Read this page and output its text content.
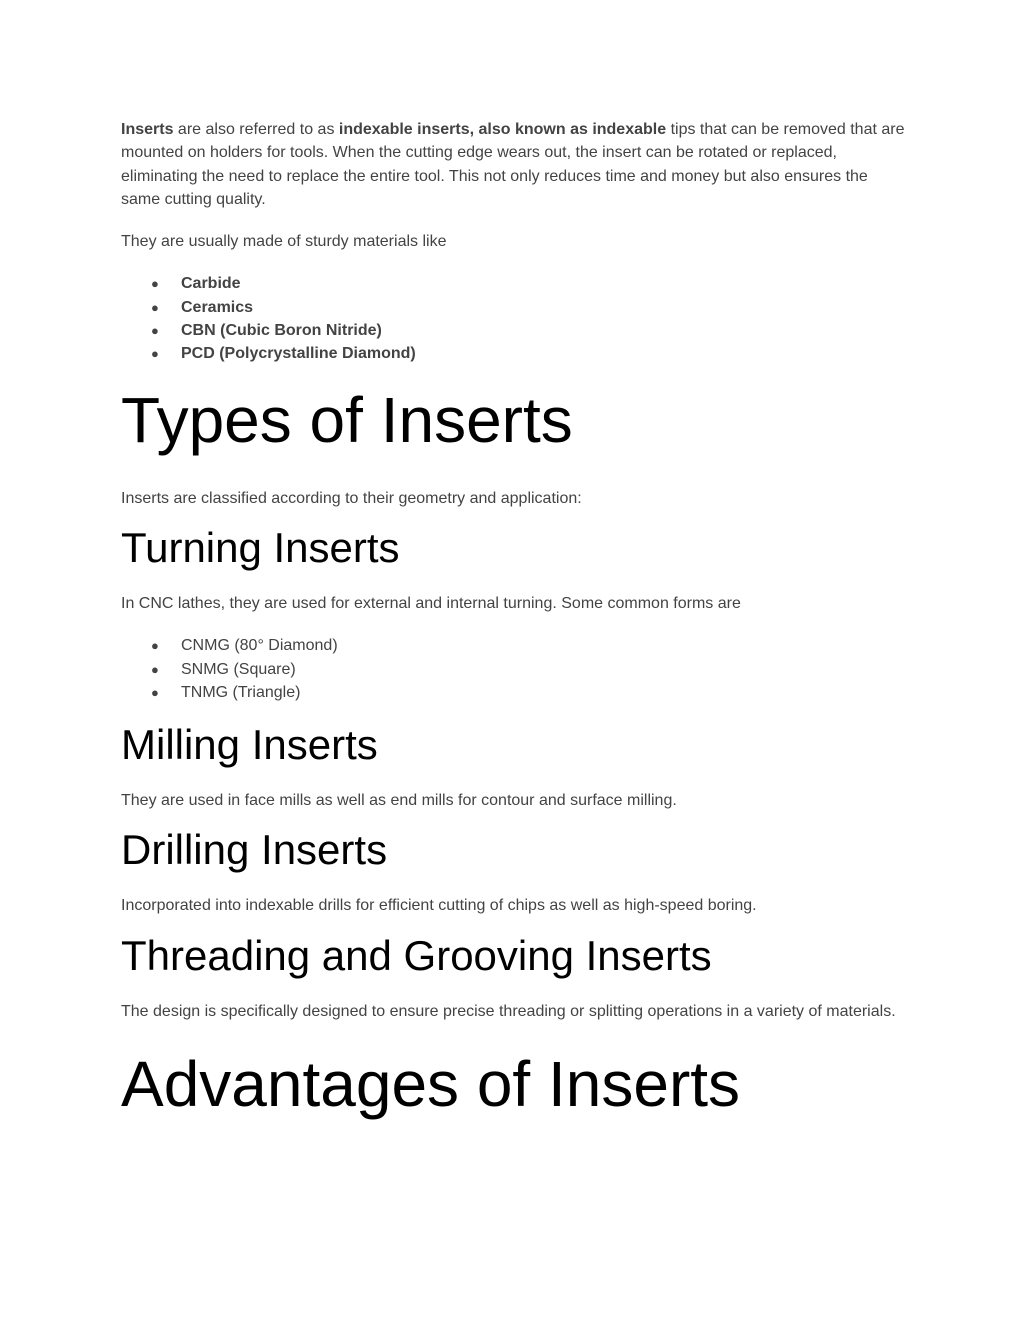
Inserts are also referred to as indexable inserts, also known as indexable tips that can be removed that are mounted on holders for tools. When the cutting edge wears out, the insert can be rotated or replaced, eliminating the need to replace the entire tool. This not only reduces time and money but also ensures the same cutting quality.

They are usually made of sturdy materials like

● Carbide
● Ceramics
● CBN (Cubic Boron Nitride)
● PCD (Polycrystalline Diamond)
Types of Inserts

Inserts are classified according to their geometry and application:

Turning Inserts

In CNC lathes, they are used for external and internal turning. Some common forms are

● CNMG (80° Diamond)
● SNMG (Square)
● TNMG (Triangle)
Milling Inserts

They are used in face mills as well as end mills for contour and surface milling.

Drilling Inserts

Incorporated into indexable drills for efficient cutting of chips as well as high-speed boring.

Threading and Grooving Inserts

The design is specifically designed to ensure precise threading or splitting operations in a variety of materials.

Advantages of Inserts
